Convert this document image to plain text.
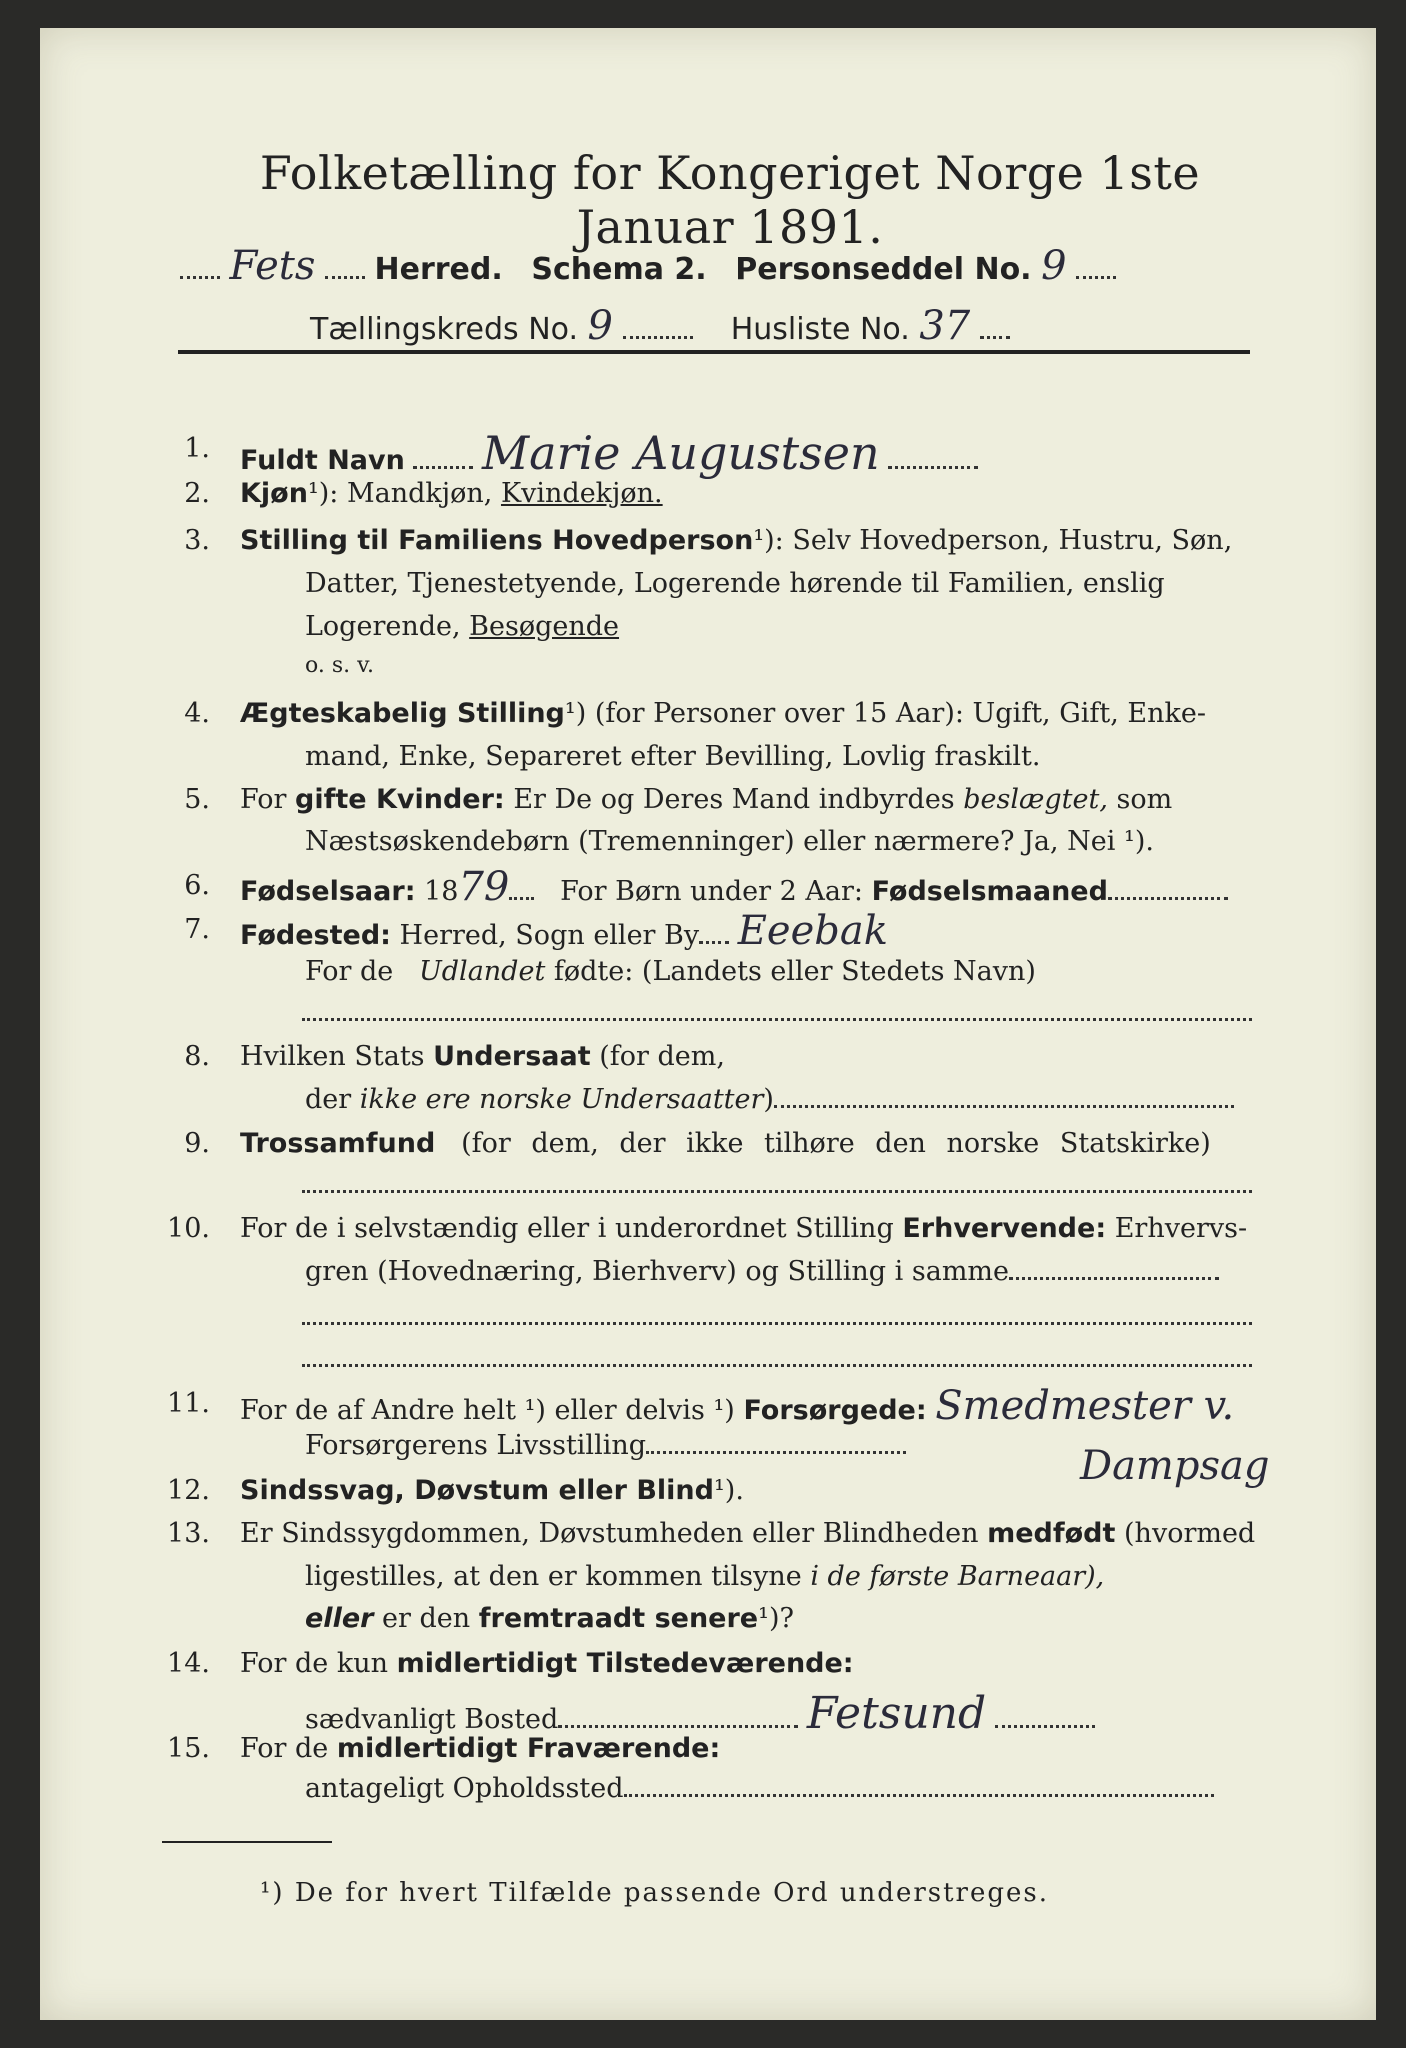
Folketælling for Kongeriget Norge 1ste Januar 1891.
Fets Herred. Schema 2. Personseddel No. 9
Tællingskreds No. 9	Husliste No. 37
1. Fuldt Navn Marie Augustsen
2. Kjøn¹): Mandkjøn, Kvindekjøn.
3. Stilling til Familiens Hovedperson¹): Selv Hovedperson, Hustru, Søn,
Datter, Tjenestetyende, Logerende hørende til Familien, enslig
Logerende, Besøgende
o. s. v.
4. Ægteskabelig Stilling¹) (for Personer over 15 Aar): Ugift, Gift, Enke-
mand, Enke, Separeret efter Bevilling, Lovlig fraskilt.
5. For gifte Kvinder: Er De og Deres Mand indbyrdes beslægtet, som
Næstsøskendebørn (Tremenninger) eller nærmere? Ja, Nei ¹).
6. Fødselsaar: 1879 For Børn under 2 Aar: Fødselsmaaned
7. Fødested: Herred, Sogn eller By Eeebak
For de Udlandet fødte: (Landets eller Stedets Navn)
8. Hvilken Stats Undersaat (for dem,
der ikke ere norske Undersaatter)
9. Trossamfund (for dem, der ikke tilhøre den norske Statskirke)
10. For de i selvstændig eller i underordnet Stilling Erhvervende: Erhvervs-
gren (Hovednæring, Bierhverv) og Stilling i samme
11. For de af Andre helt ¹) eller delvis ¹) Forsørgede: Smedmester v.
Forsørgerens Livsstilling	Dampsag
12. Sindssvag, Døvstum eller Blind¹).
13. Er Sindssygdommen, Døvstumheden eller Blindheden medfødt (hvormed
ligestilles, at den er kommen tilsyne i de første Barneaar),
eller er den fremtraadt senere¹)?
14. For de kun midlertidigt Tilstedeværende:
sædvanligt Bosted	Fetsund
15. For de midlertidigt Fraværende:
antageligt Opholdssted
¹) De for hvert Tilfælde passende Ord understreges.
